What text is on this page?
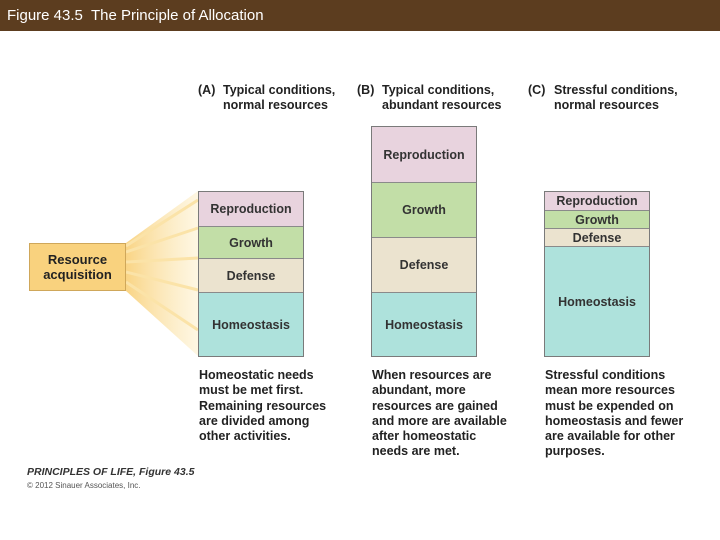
Figure 43.5  The Principle of Allocation
Resource
acquisition
(A) Typical conditions,
normal resources
Reproduction
Growth
Defense
Homeostasis
Homeostatic needs
must be met first.
Remaining resources
are divided among
other activities.
(B) Typical conditions,
abundant resources
Reproduction
Growth
Defense
Homeostasis
When resources are
abundant, more
resources are gained
and more are available
after homeostatic
needs are met.
(C) Stressful conditions,
normal resources
Reproduction
Growth
Defense
Homeostasis
Stressful conditions
mean more resources
must be expended on
homeostasis and fewer
are available for other
purposes.
PRINCIPLES OF LIFE, Figure 43.5
© 2012 Sinauer Associates, Inc.
